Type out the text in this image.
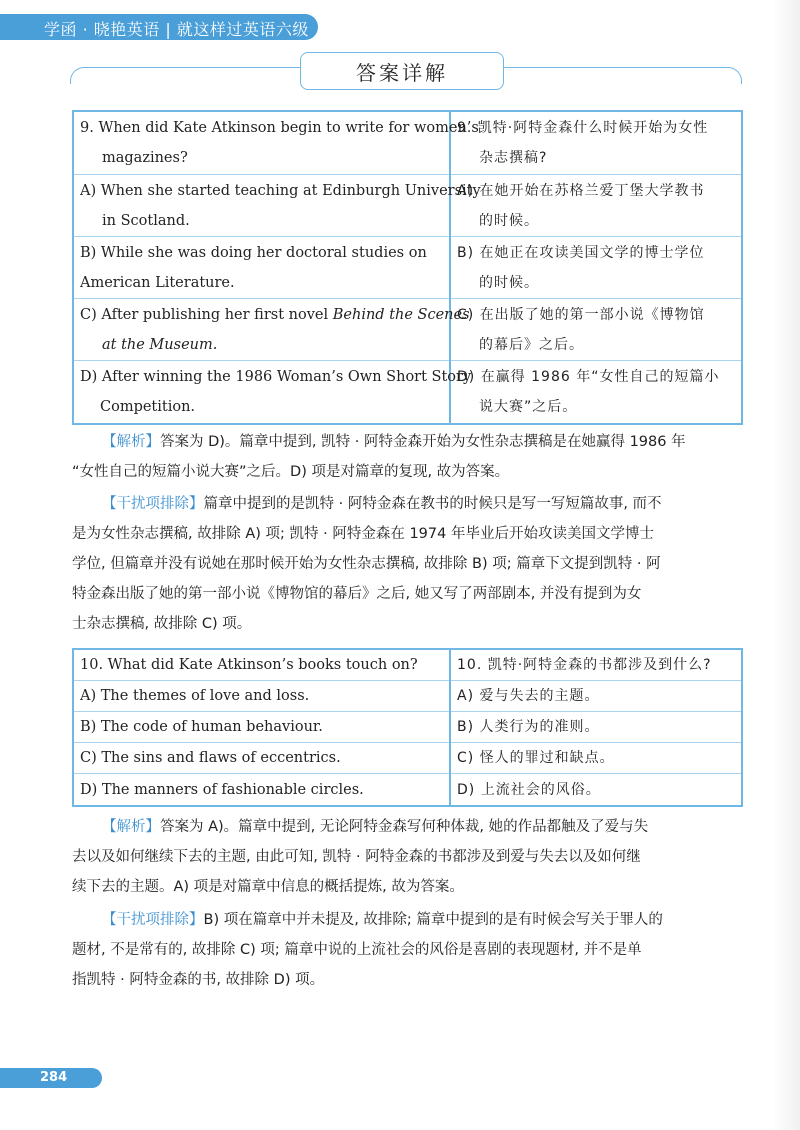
学函 · 晓艳英语 | 就这样过英语六级
答案详解
9. When did Kate Atkinson begin to write for women’s
magazines?
A) When she started teaching at Edinburgh University
in Scotland.
B) While she was doing her doctoral studies on
American Literature.
C) After publishing her first novel Behind the Scenes
at the Museum.
D) After winning the 1986 Woman’s Own Short Story
Competition.
9. 凯特·阿特金森什么时候开始为女性
杂志撰稿?
A) 在她开始在苏格兰爱丁堡大学教书
的时候。
B) 在她正在攻读美国文学的博士学位
的时候。
C) 在出版了她的第一部小说《博物馆
的幕后》之后。
D) 在赢得 1986 年“女性自己的短篇小
说大赛”之后。
【解析】答案为 D)。篇章中提到, 凯特 · 阿特金森开始为女性杂志撰稿是在她赢得 1986 年
“女性自己的短篇小说大赛”之后。D) 项是对篇章的复现, 故为答案。
【干扰项排除】篇章中提到的是凯特 · 阿特金森在教书的时候只是写一写短篇故事, 而不
是为女性杂志撰稿, 故排除 A) 项; 凯特 · 阿特金森在 1974 年毕业后开始攻读美国文学博士
学位, 但篇章并没有说她在那时候开始为女性杂志撰稿, 故排除 B) 项; 篇章下文提到凯特 · 阿
特金森出版了她的第一部小说《博物馆的幕后》之后, 她又写了两部剧本, 并没有提到为女
士杂志撰稿, 故排除 C) 项。
10. What did Kate Atkinson’s books touch on?
A) The themes of love and loss.
B) The code of human behaviour.
C) The sins and flaws of eccentrics.
D) The manners of fashionable circles.
10. 凯特·阿特金森的书都涉及到什么?
A) 爱与失去的主题。
B) 人类行为的准则。
C) 怪人的罪过和缺点。
D) 上流社会的风俗。
【解析】答案为 A)。篇章中提到, 无论阿特金森写何种体裁, 她的作品都触及了爱与失
去以及如何继续下去的主题, 由此可知, 凯特 · 阿特金森的书都涉及到爱与失去以及如何继
续下去的主题。A) 项是对篇章中信息的概括提炼, 故为答案。
【干扰项排除】B) 项在篇章中并未提及, 故排除; 篇章中提到的是有时候会写关于罪人的
题材, 不是常有的, 故排除 C) 项; 篇章中说的上流社会的风俗是喜剧的表现题材, 并不是单
指凯特 · 阿特金森的书, 故排除 D) 项。
284
